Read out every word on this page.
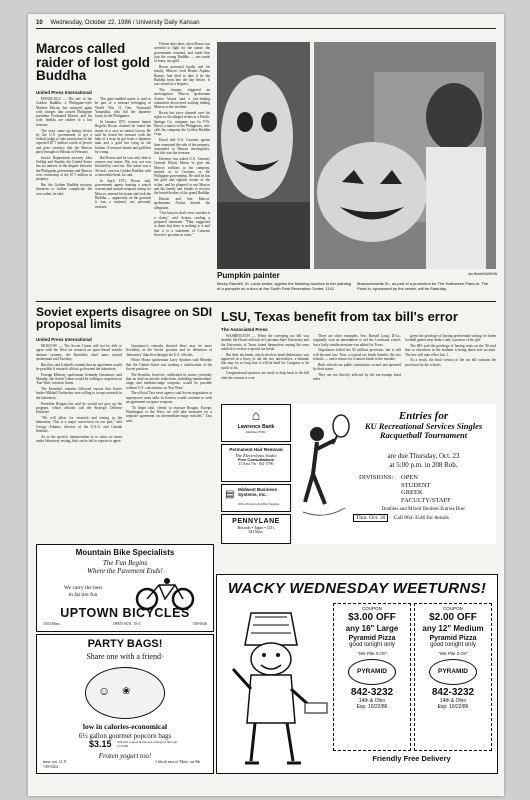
10 Wednesday, October 22, 1986 / University Daily Kansan
Marcos called raider of lost gold Buddha
United Press International

HONOLULU — The tale of the Golden Buddha, a Philippine-style Maltese Falcon, has surfaced again with charges that ousted Philippine president Ferdinand Marcos and his wife, Imelda, are raiders of a lost treasure.

The story came up during efforts by the U.S. government to get a federal judge to take possession of the expected $7.7 million worth of jewels and peso currency that the Marcos party brought to Hawaii in February.

Justice Department attorney John Siddiqi and Stanley the United States has no interest in the dispute between the Philippine government and Marcos over ownership of the $7.7 million in property.

But the Golden Buddha mystery threatens to further complicate the case rather, he said.

The gem-studded statue is said to be part of a treasure belonging to World War II Gen. Tomoyuki Yamashita, who hid the Japanese booty in the Philippines.

In January 1971, treasure hunter Rogelio Roxas claimed he found the statue in a cave in central Luzon. He said he found the treasure with the help of a map he got from a Japanese man and a gold bar lying in the bottom. A treasure hunter and gold bar by a map.

But Roxas said he was only able to remove one statue. His way out was blocked by cave-ins. The statue was a 36-inch, one-ton Golden Buddha with a removable head, he said.

In April 1971, Roxas said, government agents bearing a search warrant and assault weapons acting for Marcos, entered his home and took the Buddha — apparently on the grounds it was a national, not personal, treasure.

Fifteen days later, when Roxas was arrested to fight for the statue, the government returned, and made him join the wrong Buddha — one made of brass, not gold.

Roxas protested loudly and his family, Marcos' rival Benito Aquino Ramos, had tried to take it by the Buddha from him the day before. It was seized as a bequest.

The charges triggered an investigation. Marcos spokesman Arturo Aruiza said a fact-finding committee discovered nothing linking Marcos to the incident.

Roxas has since claimed over his rights to the alleged riches in a Pacific Springs Co. company run by F.W. Ernstl, a native of the Philippines, who calls his company the Golden Buddha Corp.

Ernstl told U.S. Customs agents later examined the sale of the property, responded to Hawaii investigators, that this was the treasure.

Deceney has asked U.S. Attorney General Edwin Meese to give the Marcos millions to his company, instead of to Customs or the Philippine government. He said he has the gold and rightful owner of the riches, and he planned to sue Marcos and his family and friends to recover the buried bodies of the grand Buddha.

Hawaii and San Marcos' spokesman Aruiza denied the allegation.

"Our lawyers don't even consider it a claim," said Aruiza, reading a prepared statement. "They suggested to them that there is nothing to it and that it is a statement of Customs Service's position in court."

Pumpkin painter	Jon Blumb/KANSAN
Becky Randell, St. Louis senior, applies the finishing touches to her painting of a pumpkin on a door at the South Park Recreation Center, 1141
Massachusetts St., as part of a promotion for The Halloween Paint-In. The Paint-In, sponsored by the center, will be Saturday.
Soviet experts disagree on SDI proposal limits
United Press International

MOSCOW — The Soviet Union will not be able to agree with the West on research on space-based missile defense systems, the Kremlin's chief arms control spokesman said Tuesday.

But they said Iceland's summit that an agreement would be possible if research did not go beyond the laboratory.

Foreign Ministry spokesman Gennady Gerasimov said Monday, the Soviet Union would be willing to negotiate on 'Star Wars' research limits.

The Kremlin's remarks followed reports that Soviet leader Mikhail Gorbachev was willing to accept research in the laboratory.

President Reagan has said he would not give up the program, which officials call the Strategic Defense Initiative.

"We will allow for research and testing in the laboratory. This is a major concession on our part," said Georgy Arbatov, director of the U.S.A. and Canada Institute.

As to the specific interpretation as to what we mean under laboratory testing, that can be left to experts to agree.

Gerasimov's remarks showed there may be more flexibility in the Soviet position and its definition of 'laboratory' than first thought for U.S. officials.

White House spokesman Larry Speakes said Monday that the United States was seeking a clarification of the Soviet position.

The Kremlin, however, reaffirmed its stance yesterday that no deal on missile reductions, including intermediate-range and medium-range weapons, would be possible without U.S. concessions on 'Star Wars.'

The official Tass news agency said Soviet negotiators at superpower arms talks in Geneva would continue to seek an agreement on space weapons.

"To begin with, clearly to reassure Reagan, Europe, Washington or the West, we will take measures for a separate agreement on intermediate-range missiles," Tass said.

LSU, Texas benefit from tax bill's error
The Associated Press

WASHINGTON — When the sweeping tax bill was drafted, the House officials at Louisiana State University and the University of Texas found themselves among the ones entitled to receive a special tax break.

But their tax break, which involves bond deductions, was approved in a hurry to aid the two universities, a mistake that may be so long that it will be hard for Congress to be quick to fix.

Congressional sponsors are ready to drop back to the bill after the session is over.

There are other examples. Sen. Russell Long, D-La., originally won an amendment to aid the Louisiana school, but a fairly similar measure was added for Texas.

Negotiators killed the $3 million provision, but it still will become law. Now, a typical tax break benefits the two schools — and a reason for a tuition break in the mistake.

Both schools are public institutions owned and operated by their states.

They are not directly affected by the tax-exempt bond rules.

given the privilege of buying preferential seating for home football games may deduct only a portion of the gift.

The IRS said the privilege of having seats on the 50-yard line or elsewhere in the stadium is being taken into account. The law will take effect Jan. 1.

As a result, the final version of the tax bill contains the provision for the schools.

⌂
Lawrence Bank
Member FDIC
Permanent Hair Removal
The Electrolysis Studio
Free Consultations
15 East 7th · 841-5796
▤ Midwest Business Systems, Inc.
Office Products & Office Supplies
PENNYLANE
Records • Tapes • CD's
844 Mass.
Entries for
KU Recreational Services Singles
Racquetball Tournament
are due Thursday, Oct. 23
at 5:00 p.m. in 208 Rob.
DIVISIONS: OPEN
STUDENT
GREEK
FACULTY/STAFF
Doubles and Mixed Doubles Entries Due:
Thur. Oct. 30 Call 864-3546 for details
Mountain Bike Specialists
The Fun Begins
Where the Pavement Ends!
We carry the best
in fat tire fun
UPTOWN BICYCLES
1033 Mass.	OPEN SUN. 10-4	749-0636
PARTY BAGS!
Share one with a friend·
☺ ❀
low in calories-economical
6½ gallon gourmet popcorn bags
$3.15 with this coupon & this pen savings of 30¢ exp. 11/10/86
Frozen yogurt too!
mon.-sat. 11-8
749-0202
1 block east of Mass. on 9th
WACKY WEDNESDAY WEETURNS!
COUPON
$3.00 OFF
any 16" Large
Pyramid Pizza
good tonight only
"We Pile It On"
PYRAMID
842-3232
14th & Ohio
Exp. 10/22/86
COUPON
$2.00 OFF
any 12" Medium
Pyramid Pizza
good tonight only
"We Pile It On"
PYRAMID
842-3232
14th & Ohio
Exp. 10/22/86
Friendly Free Delivery
